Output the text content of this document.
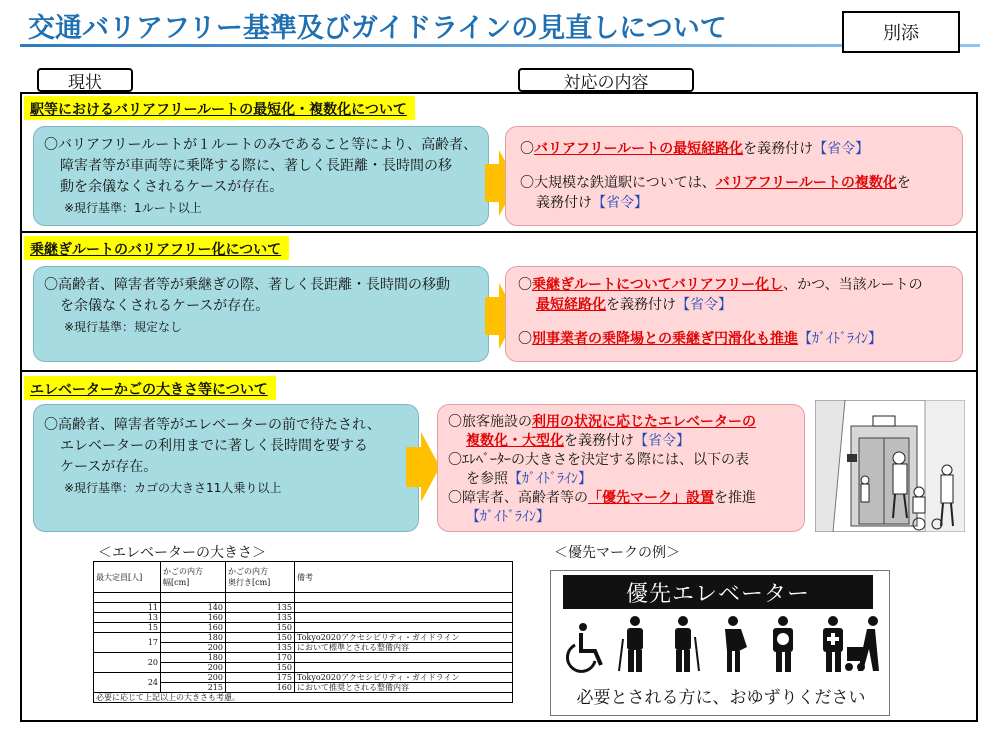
交通バリアフリー基準及びガイドラインの見直しについて	別添
現状	対応の内容
駅等におけるバリアフリールートの最短化・複数化について
〇バリアフリールートが１ルートのみであること等により、高齢者、
障害者等が車両等に乗降する際に、著しく長距離・長時間の移
動を余儀なくされるケースが存在。
※現行基準：1ルート以上
〇バリアフリールートの最短経路化を義務付け【省令】
〇大規模な鉄道駅については、バリアフリールートの複数化を
義務付け【省令】
乗継ぎルートのバリアフリー化について
〇高齢者、障害者等が乗継ぎの際、著しく長距離・長時間の移動
を余儀なくされるケースが存在。
※現行基準：規定なし
〇乗継ぎルートについてバリアフリー化し、かつ、当該ルートの
最短経路化を義務付け【省令】
〇別事業者の乗降場との乗継ぎ円滑化も推進【ｶﾞｲﾄﾞﾗｲﾝ】
エレベーターかごの大きさ等について
〇高齢者、障害者等がエレベーターの前で待たされ、
エレベーターの利用までに著しく長時間を要する
ケースが存在。
※現行基準：カゴの大きさ11人乗り以上
〇旅客施設の利用の状況に応じたエレベーターの
複数化・大型化を義務付け【省令】
〇ｴﾚﾍﾞｰﾀｰの大きさを決定する際には、以下の表
を参照【ｶﾞｲﾄﾞﾗｲﾝ】
〇障害者、高齢者等の「優先マーク」設置を推進
【ｶﾞｲﾄﾞﾗｲﾝ】
＜エレベーターの大きさ＞
最大定員[人]	かごの内方
幅[cm]	かごの内方
奥行き[cm]	備考

11	140	135	
13	160	135	
15	160	150	
17	180	150	Tokyo2020アクセシビリティ・ガイドライン
	200	135	において標準とされる整備内容
20	180	170	
	200	150	
24	200	175	Tokyo2020アクセシビリティ・ガイドライン
	215	160	において推奨とされる整備内容
必要に応じて上記以上の大きさも考慮。			
＜優先マークの例＞
優先エレベーター
必要とされる方に、おゆずりください
